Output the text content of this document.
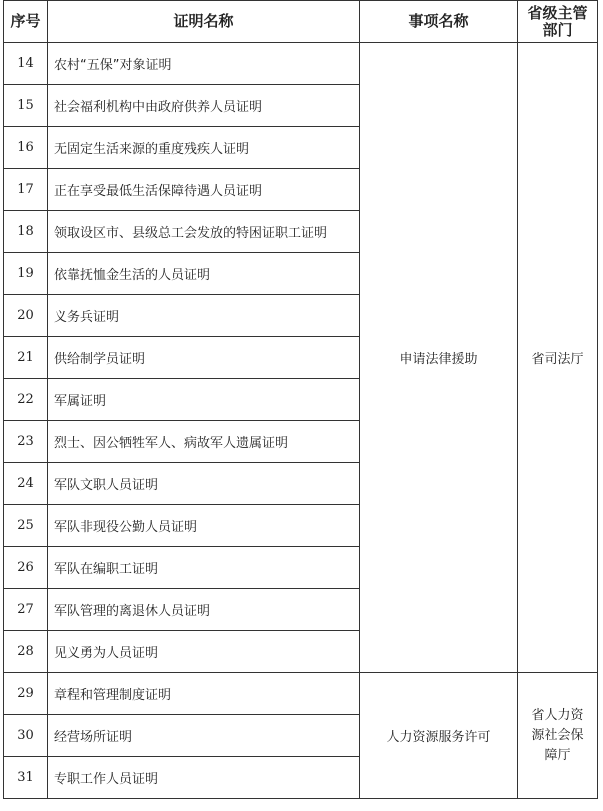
序号	证明名称	事项名称	省级主管部门
14	农村“五保”对象证明	申请法律援助	省司法厅
15	社会福利机构中由政府供养人员证明		
16	无固定生活来源的重度残疾人证明		
17	正在享受最低生活保障待遇人员证明		
18	领取设区市、县级总工会发放的特困证职工证明		
19	依靠抚恤金生活的人员证明		
20	义务兵证明		
21	供给制学员证明		
22	军属证明		
23	烈士、因公牺牲军人、病故军人遗属证明		
24	军队文职人员证明		
25	军队非现役公勤人员证明		
26	军队在编职工证明		
27	军队管理的离退休人员证明		
28	见义勇为人员证明		
29	章程和管理制度证明	人力资源服务许可	省人力资源社会保障厅
30	经营场所证明		
31	专职工作人员证明		
